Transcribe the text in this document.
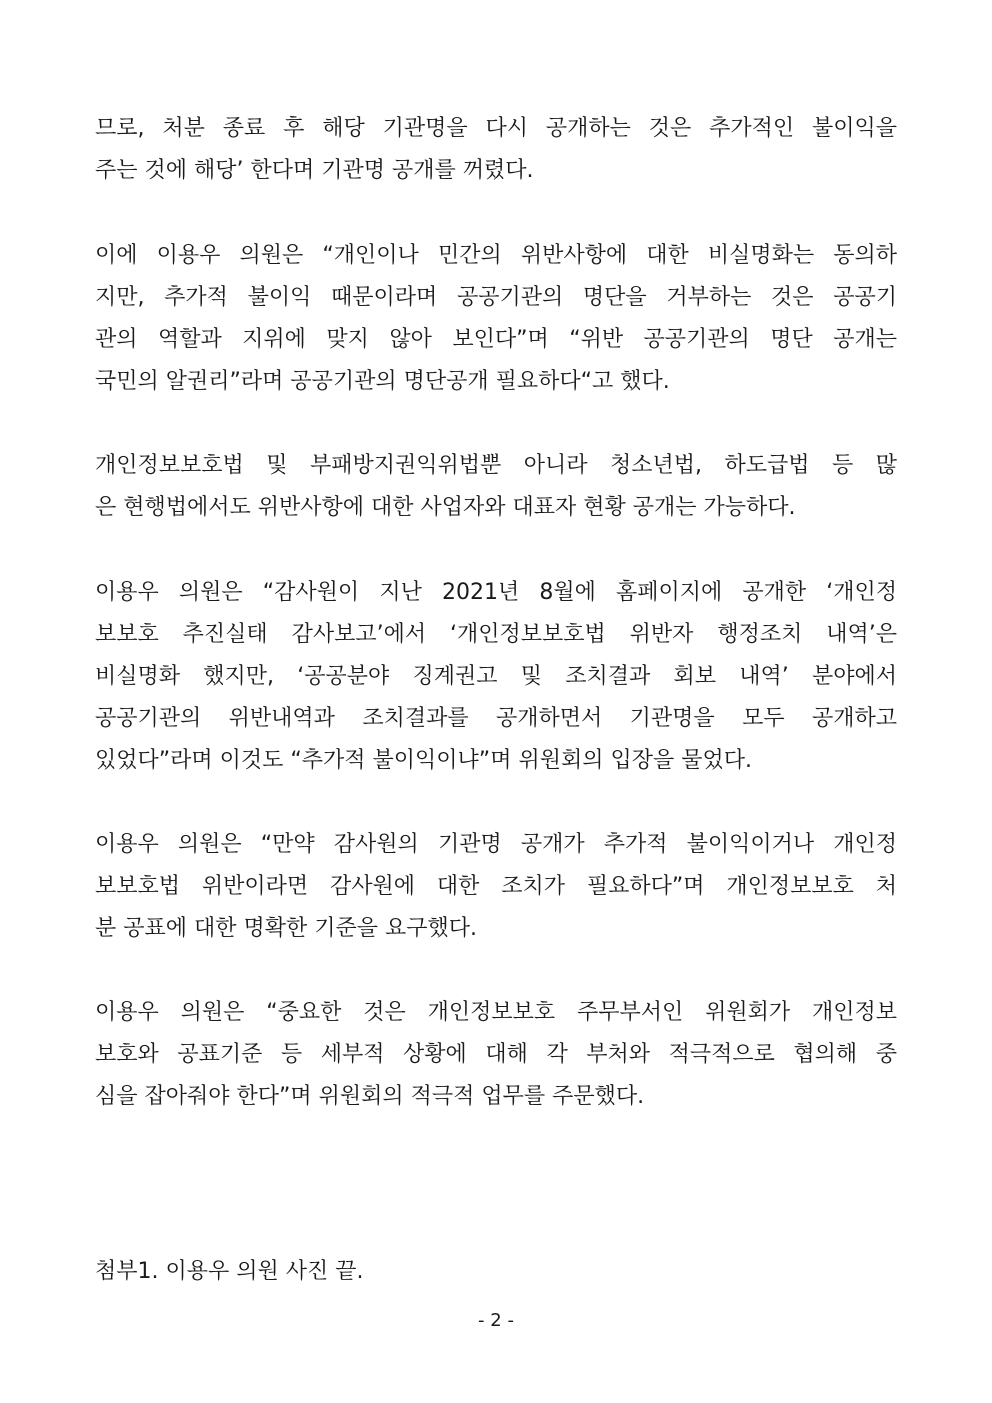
므로, 처분 종료 후 해당 기관명을 다시 공개하는 것은 추가적인 불이익을
주는 것에 해당’ 한다며 기관명 공개를 꺼렸다.
이에 이용우 의원은 “개인이나 민간의 위반사항에 대한 비실명화는 동의하
지만, 추가적 불이익 때문이라며 공공기관의 명단을 거부하는 것은 공공기
관의 역할과 지위에 맞지 않아 보인다”며 “위반 공공기관의 명단 공개는
국민의 알권리”라며 공공기관의 명단공개 필요하다“고 했다.
개인정보보호법 및 부패방지권익위법뿐 아니라 청소년법, 하도급법 등 많
은 현행법에서도 위반사항에 대한 사업자와 대표자 현황 공개는 가능하다.
이용우 의원은 “감사원이 지난 2021년 8월에 홈페이지에 공개한 ‘개인정
보보호 추진실태 감사보고’에서 ‘개인정보보호법 위반자 행정조치 내역’은
비실명화 했지만, ‘공공분야 징계권고 및 조치결과 회보 내역’ 분야에서
공공기관의 위반내역과 조치결과를 공개하면서 기관명을 모두 공개하고
있었다”라며 이것도 “추가적 불이익이냐”며 위원회의 입장을 물었다.
이용우 의원은 “만약 감사원의 기관명 공개가 추가적 불이익이거나 개인정
보보호법 위반이라면 감사원에 대한 조치가 필요하다”며 개인정보보호 처
분 공표에 대한 명확한 기준을 요구했다.
이용우 의원은 “중요한 것은 개인정보보호 주무부서인 위원회가 개인정보
보호와 공표기준 등 세부적 상황에 대해 각 부처와 적극적으로 협의해 중
심을 잡아줘야 한다”며 위원회의 적극적 업무를 주문했다.

첨부1. 이용우 의원 사진 끝.

- 2 -
